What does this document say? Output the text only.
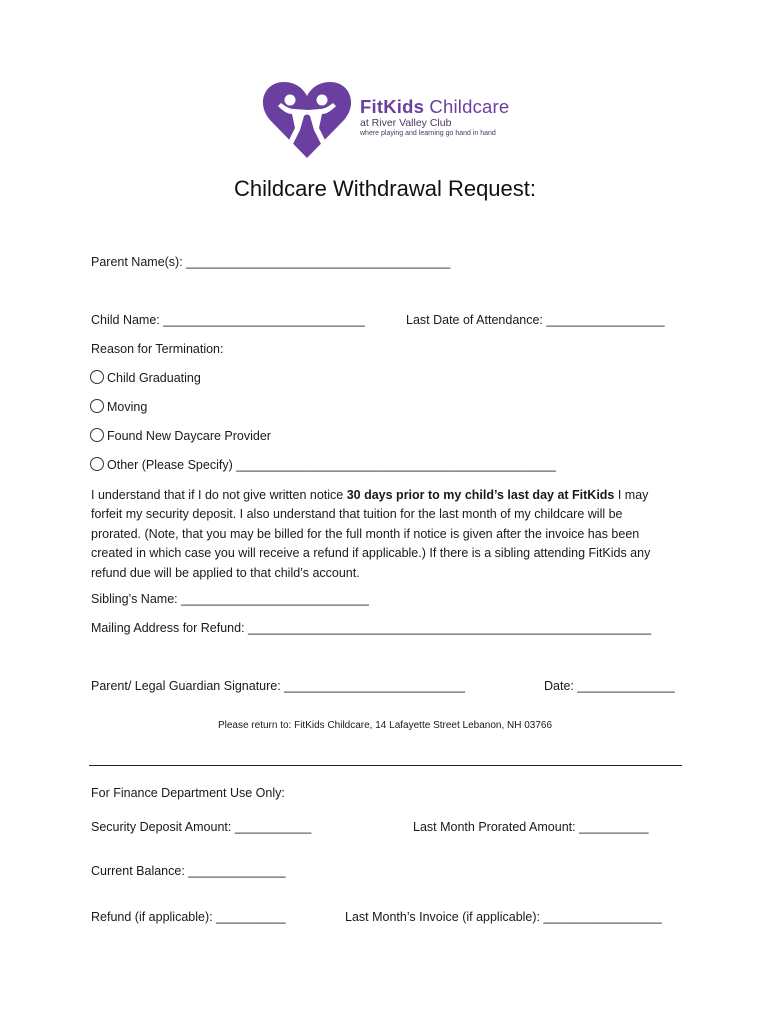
FitKids Childcare
at River Valley Club
where playing and learning go hand in hand
Childcare Withdrawal Request:
Parent Name(s): ______________________________________
Child Name: _____________________________	Last Date of Attendance: _________________
Reason for Termination:
Child Graduating
Moving
Found New Daycare Provider
Other (Please Specify) ______________________________________________

I understand that if I do not give written notice 30 days prior to my child’s last day at FitKids I may

forfeit my security deposit. I also understand that tuition for the last month of my childcare will be

prorated. (Note, that you may be billed for the full month if notice is given after the invoice has been

created in which case you will receive a refund if applicable.) If there is a sibling attending FitKids any

refund due will be applied to that child’s account.

Sibling’s Name: ___________________________
Mailing Address for Refund: __________________________________________________________
Parent/ Legal Guardian Signature: __________________________	Date: ______________
Please return to: FitKids Childcare, 14 Lafayette Street Lebanon, NH 03766
For Finance Department Use Only:
Security Deposit Amount: ___________	Last Month Prorated Amount: __________
Current Balance: ______________
Refund (if applicable): __________	Last Month’s Invoice (if applicable): _________________
